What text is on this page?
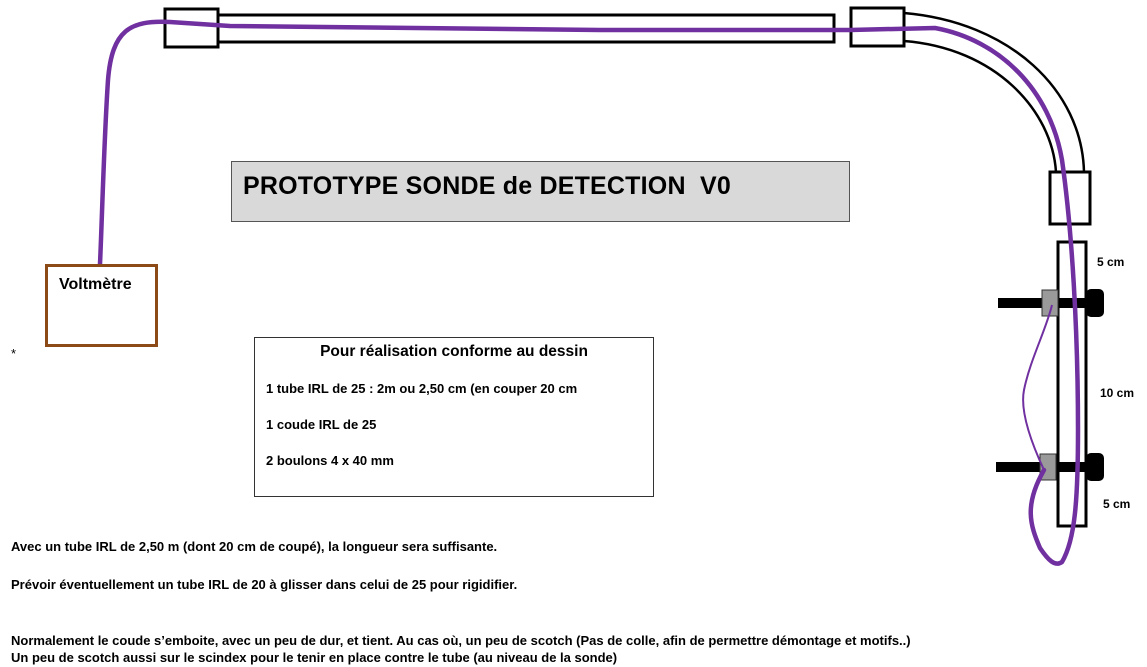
PROTOTYPE SONDE de DETECTION  V0
Voltmètre
*	Pour réalisation conforme au dessin
1 tube IRL de 25 : 2m ou 2,50 cm (en couper 20 cm
1 coude IRL de 25
2 boulons 4 x 40 mm
5 cm
10 cm
5 cm
Avec un tube IRL de 2,50 m (dont 20 cm de coupé), la longueur sera suffisante.
Prévoir éventuellement un tube IRL de 20 à glisser dans celui de 25 pour rigidifier.
Normalement le coude s’emboite, avec un peu de dur, et tient. Au cas où, un peu de scotch (Pas de colle, afin de permettre démontage et motifs..)
Un peu de scotch aussi sur le scindex pour le tenir en place contre le tube (au niveau de la sonde)
